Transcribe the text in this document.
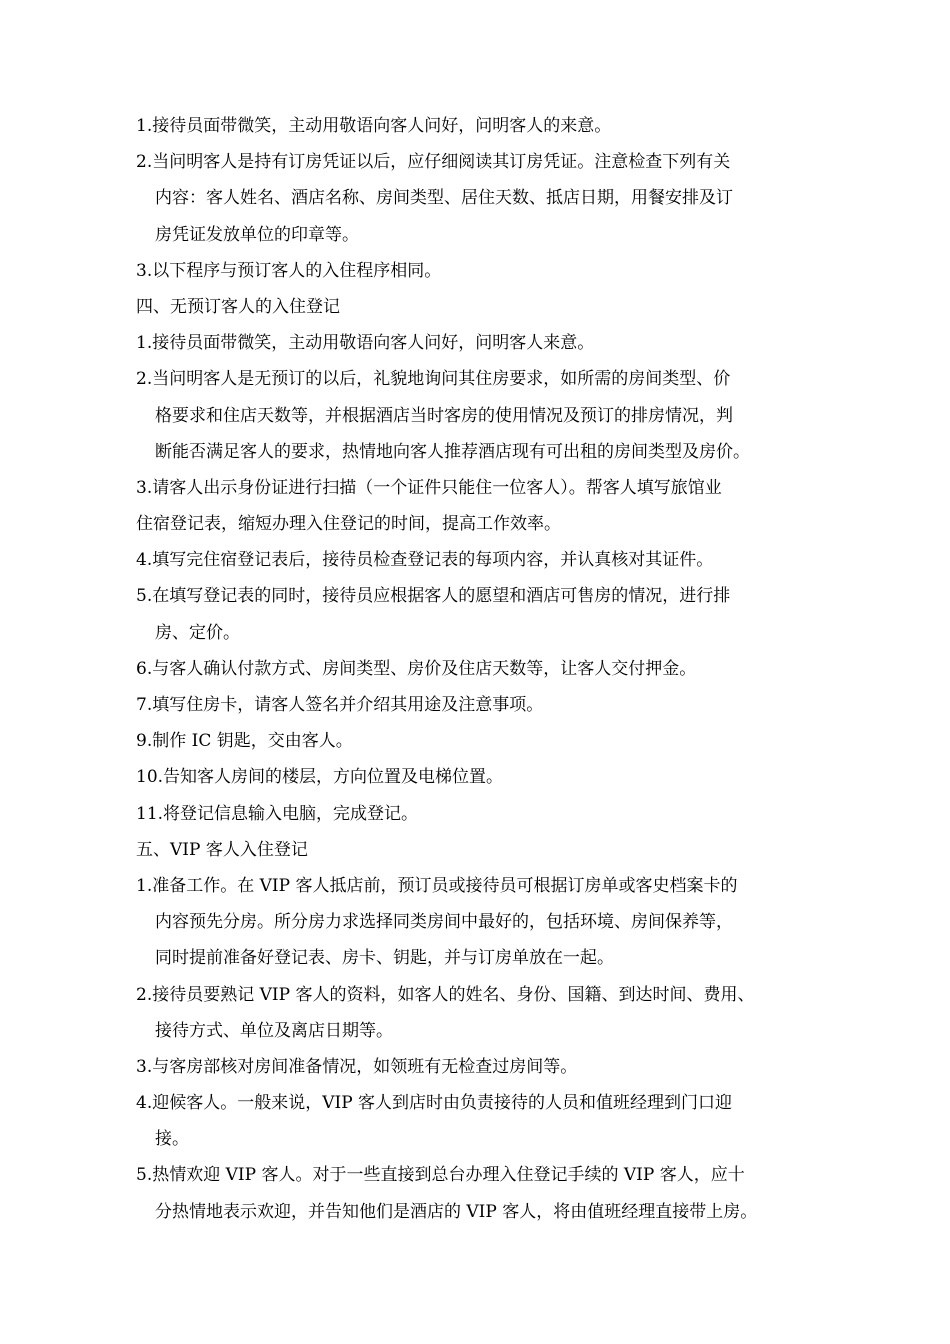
1.接待员面带微笑，主动用敬语向客人问好，问明客人的来意。
2.当问明客人是持有订房凭证以后，应仔细阅读其订房凭证。注意检查下列有关
内容：客人姓名、酒店名称、房间类型、居住天数、抵店日期，用餐安排及订
房凭证发放单位的印章等。
3.以下程序与预订客人的入住程序相同。
四、无预订客人的入住登记
1.接待员面带微笑，主动用敬语向客人问好，问明客人来意。
2.当问明客人是无预订的以后，礼貌地询问其住房要求，如所需的房间类型、价
格要求和住店天数等，并根据酒店当时客房的使用情况及预订的排房情况，判
断能否满足客人的要求，热情地向客人推荐酒店现有可出租的房间类型及房价。
3.请客人出示身份证进行扫描（一个证件只能住一位客人）。帮客人填写旅馆业
住宿登记表，缩短办理入住登记的时间，提高工作效率。
4.填写完住宿登记表后，接待员检查登记表的每项内容，并认真核对其证件。
5.在填写登记表的同时，接待员应根据客人的愿望和酒店可售房的情况，进行排
房、定价。
6.与客人确认付款方式、房间类型、房价及住店天数等，让客人交付押金。
7.填写住房卡，请客人签名并介绍其用途及注意事项。
9.制作 IC 钥匙，交由客人。
10.告知客人房间的楼层，方向位置及电梯位置。
11.将登记信息输入电脑，完成登记。
五、VIP 客人入住登记
1.准备工作。在 VIP 客人抵店前，预订员或接待员可根据订房单或客史档案卡的
内容预先分房。所分房力求选择同类房间中最好的，包括环境、房间保养等，
同时提前准备好登记表、房卡、钥匙，并与订房单放在一起。
2.接待员要熟记 VIP 客人的资料，如客人的姓名、身份、国籍、到达时间、费用、
接待方式、单位及离店日期等。
3.与客房部核对房间准备情况，如领班有无检查过房间等。
4.迎候客人。一般来说，VIP 客人到店时由负责接待的人员和值班经理到门口迎
接。
5.热情欢迎 VIP 客人。对于一些直接到总台办理入住登记手续的 VIP 客人，应十
分热情地表示欢迎，并告知他们是酒店的 VIP 客人，将由值班经理直接带上房。
